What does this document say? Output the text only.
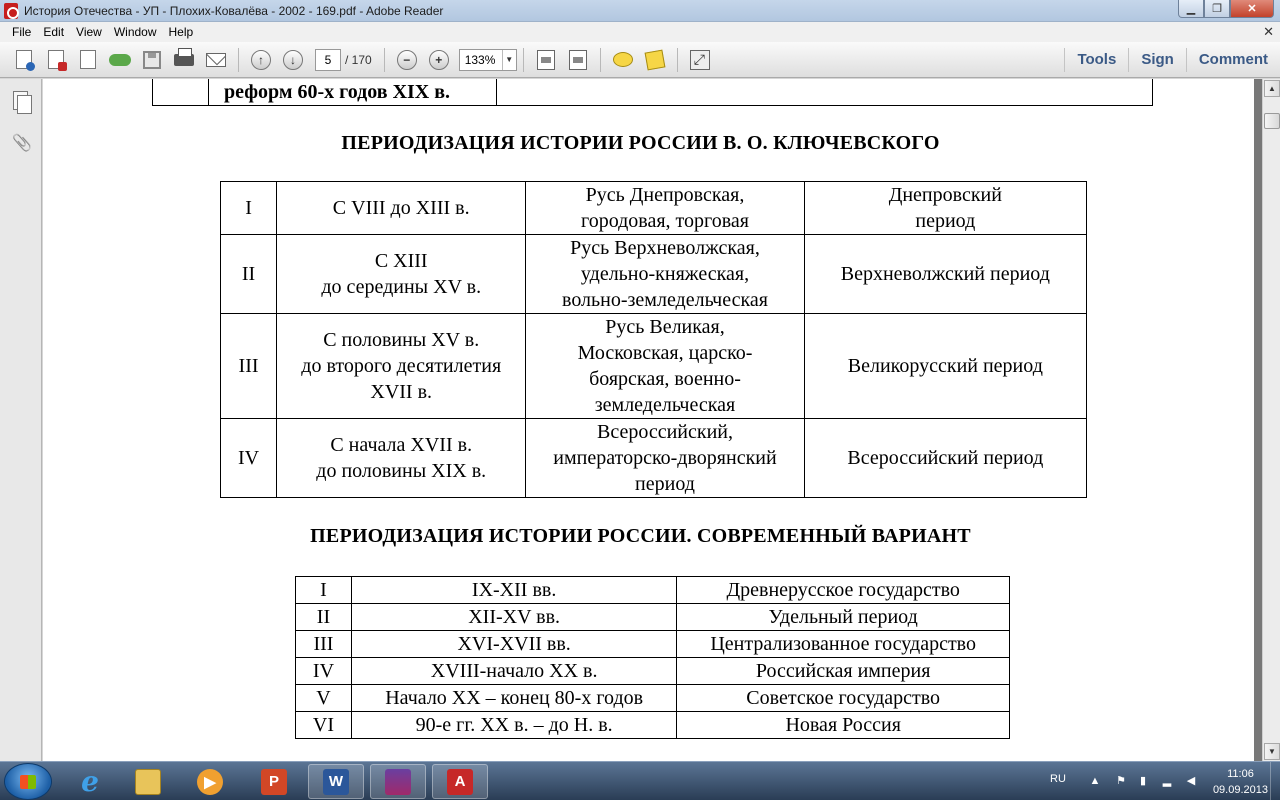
История Отечества - УП - Плохих-Ковалёва - 2002 - 169.pdf - Adobe Reader	▁	❐	✕
File	Edit	View	Window	Help	✕
↑	↓	5	/ 170	−	+	133%	▼ ⤢	Tools	Sign	Comment
📎
	реформ 60-х годов XIX в.	
ПЕРИОДИЗАЦИЯ ИСТОРИИ РОССИИ В. О. КЛЮЧЕВСКОГО
I	С VIII до XIII в.	Русь Днепровская,
городовая, торговая	Днепровский
период
II	С XIII
до середины XV в.	Русь Верхневолжская,
удельно-княжеская,
вольно-земледельческая	Верхневолжский период
III	С половины XV в.
до второго десятилетия
XVII в.	Русь Великая,
Московская, царско-
боярская, военно-
земледельческая	Великорусский период
IV	С начала XVII в.
до половины XIX в.	Всероссийский,
императорско-дворянский
период	Всероссийский период
ПЕРИОДИЗАЦИЯ ИСТОРИИ РОССИИ. СОВРЕМЕННЫЙ ВАРИАНТ
I	IX-XII вв.	Древнерусское государство
II	XII-XV вв.	Удельный период
III	XVI-XVII вв.	Централизованное государство
IV	XVIII-начало XX в.	Российская империя
V	Начало XX – конец 80-х годов	Советское государство
VI	90-е гг. XX в. – до Н. в.	Новая Россия
▲
▼
e	▶	P	W	A	RU ▲ ⚑	▮	▂ ◀
11:06
09.09.2013
